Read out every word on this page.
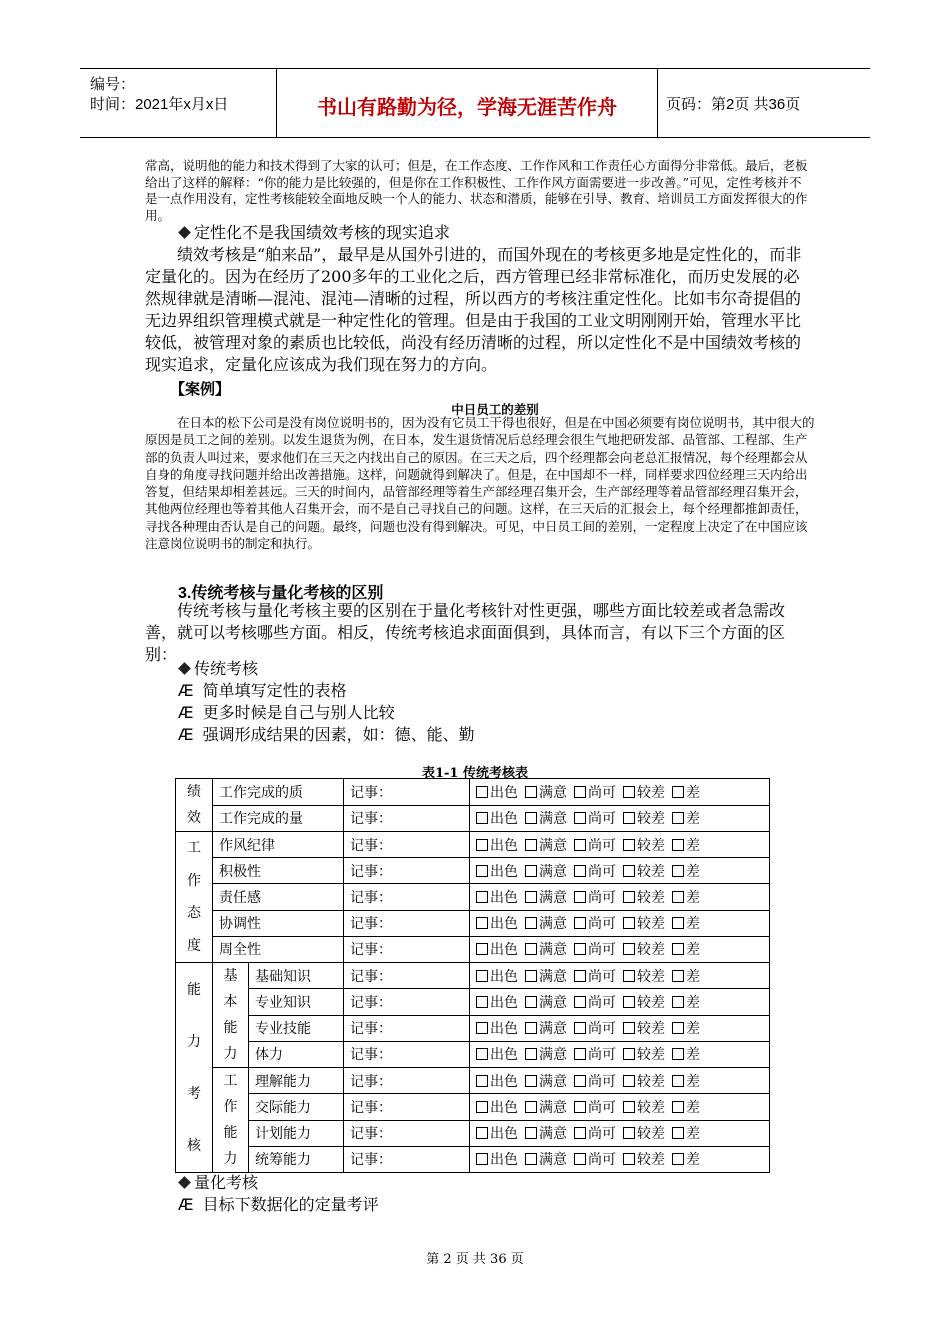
编号：
时间：2021年x月x日	书山有路勤为径，学海无涯苦作舟	页码：第2页 共36页
常高，说明他的能力和技术得到了大家的认可；但是，在工作态度、工作作风和工作责任心方面得分非常低。最后，老板给出了这样的解释：“你的能力是比较强的，但是你在工作积极性、工作作风方面需要进一步改善。”可见，定性考核并不是一点作用没有，定性考核能较全面地反映一个人的能力、状态和潜质，能够在引导、教育、培训员工方面发挥很大的作用。
定性化不是我国绩效考核的现实追求
绩效考核是“舶来品”，最早是从国外引进的，而国外现在的考核更多地是定性化的，而非定量化的。因为在经历了200多年的工业化之后，西方管理已经非常标准化，而历史发展的必然规律就是清晰—混沌、混沌—清晰的过程，所以西方的考核注重定性化。比如韦尔奇提倡的无边界组织管理模式就是一种定性化的管理。但是由于我国的工业文明刚刚开始，管理水平比较低，被管理对象的素质也比较低，尚没有经历清晰的过程，所以定性化不是中国绩效考核的现实追求，定量化应该成为我们现在努力的方向。
【案例】
中日员工的差别
在日本的松下公司是没有岗位说明书的，因为没有它员工干得也很好，但是在中国必须要有岗位说明书，其中很大的原因是员工之间的差别。以发生退货为例，在日本，发生退货情况后总经理会很生气地把研发部、品管部、工程部、生产部的负责人叫过来，要求他们在三天之内找出自己的原因。在三天之后，四个经理都会向老总汇报情况，每个经理都会从自身的角度寻找问题并给出改善措施。这样，问题就得到解决了。但是，在中国却不一样，同样要求四位经理三天内给出答复，但结果却相差甚远。三天的时间内，品管部经理等着生产部经理召集开会，生产部经理等着品管部经理召集开会，其他两位经理也等着其他人召集开会，而不是自己寻找自己的问题。这样，在三天后的汇报会上，每个经理都推卸责任，寻找各种理由否认是自己的问题。最终，问题也没有得到解决。可见，中日员工间的差别，一定程度上决定了在中国应该注意岗位说明书的制定和执行。
3.传统考核与量化考核的区别
传统考核与量化考核主要的区别在于量化考核针对性更强，哪些方面比较差或者急需改善，就可以考核哪些方面。相反，传统考核追求面面俱到，具体而言，有以下三个方面的区别：
传统考核
Æ 简单填写定性的表格
Æ 更多时候是自己与别人比较
Æ 强调形成结果的因素，如：德、能、勤
表1-1 传统考核表
绩效	工作完成的质		记事：	出色 满意 尚可 较差 差
	工作完成的量		记事：	出色 满意 尚可 较差 差
工作态度	作风纪律		记事：	出色 满意 尚可 较差 差
	积极性		记事：	出色 满意 尚可 较差 差
	责任感		记事：	出色 满意 尚可 较差 差
	协调性		记事：	出色 满意 尚可 较差 差
	周全性		记事：	出色 满意 尚可 较差 差
能力考核	基本能力	基础知识	记事：	出色 满意 尚可 较差 差
		专业知识	记事：	出色 满意 尚可 较差 差
		专业技能	记事：	出色 满意 尚可 较差 差
		体力	记事：	出色 满意 尚可 较差 差
	工作能力	理解能力	记事：	出色 满意 尚可 较差 差
		交际能力	记事：	出色 满意 尚可 较差 差
		计划能力	记事：	出色 满意 尚可 较差 差
		统筹能力	记事：	出色 满意 尚可 较差 差
量化考核
Æ 目标下数据化的定量考评
第 2 页 共 36 页
